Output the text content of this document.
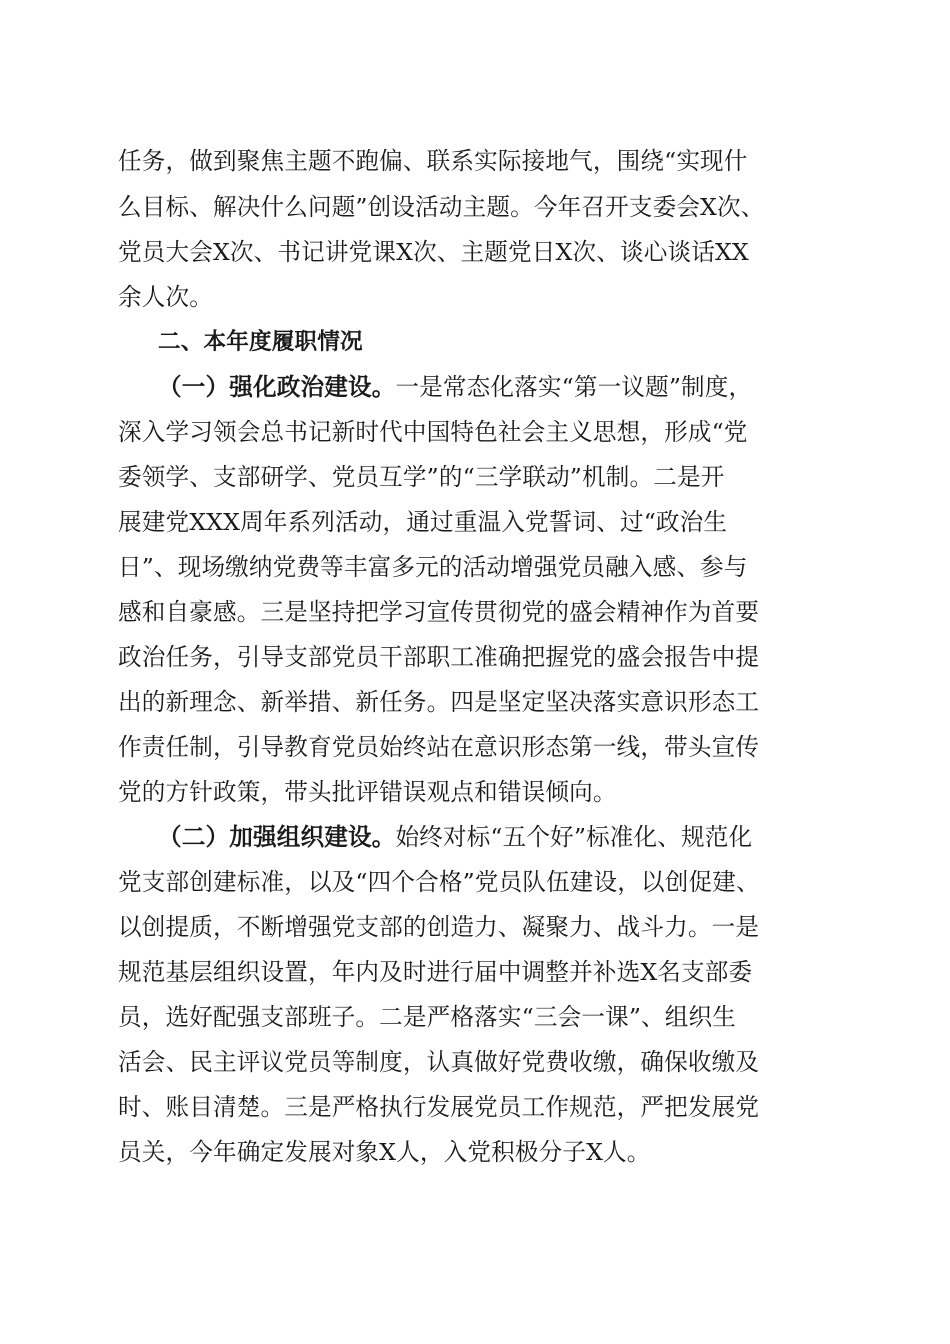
任务，做到聚焦主题不跑偏、联系实际接地气，围绕“实现什
么目标、解决什么问题”创设活动主题。今年召开支委会X次、
党员大会X次、书记讲党课X次、主题党日X次、谈心谈话XX
余人次。
二、本年度履职情况
（一）强化政治建设。一是常态化落实“第一议题”制度，
深入学习领会总书记新时代中国特色社会主义思想，形成“党
委领学、支部研学、党员互学”的“三学联动”机制。二是开
展建党XXX周年系列活动，通过重温入党誓词、过“政治生
日”、现场缴纳党费等丰富多元的活动增强党员融入感、参与
感和自豪感。三是坚持把学习宣传贯彻党的盛会精神作为首要
政治任务，引导支部党员干部职工准确把握党的盛会报告中提
出的新理念、新举措、新任务。四是坚定坚决落实意识形态工
作责任制，引导教育党员始终站在意识形态第一线，带头宣传
党的方针政策，带头批评错误观点和错误倾向。
（二）加强组织建设。始终对标“五个好”标准化、规范化
党支部创建标准，以及“四个合格”党员队伍建设，以创促建、
以创提质，不断增强党支部的创造力、凝聚力、战斗力。一是
规范基层组织设置，年内及时进行届中调整并补选X名支部委
员，选好配强支部班子。二是严格落实“三会一课”、组织生
活会、民主评议党员等制度，认真做好党费收缴，确保收缴及
时、账目清楚。三是严格执行发展党员工作规范，严把发展党
员关，今年确定发展对象X人，入党积极分子X人。
